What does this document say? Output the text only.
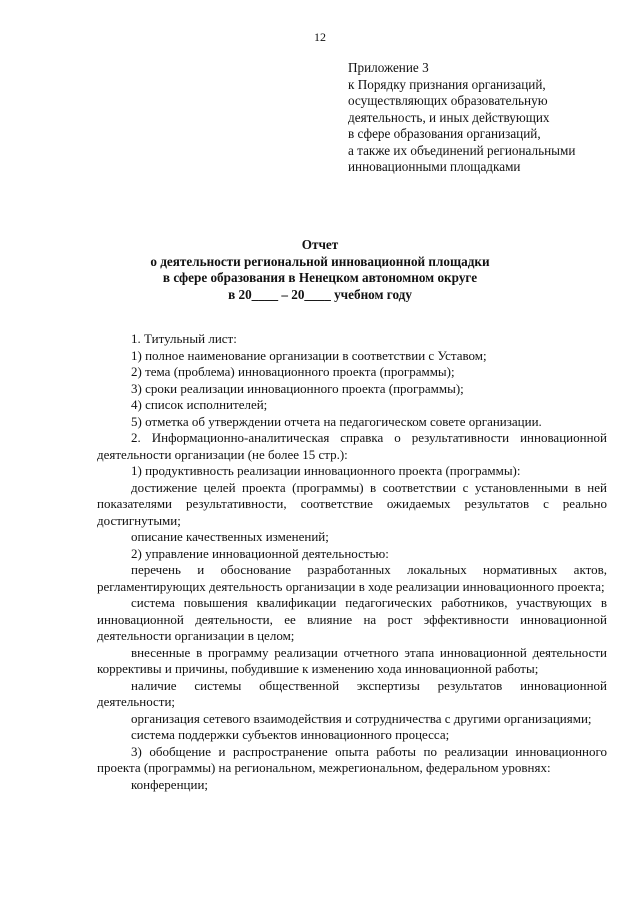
12
Приложение 3
к Порядку признания организаций,
осуществляющих образовательную
деятельность, и иных действующих
в сфере образования организаций,
а также их объединений региональными
инновационными площадками
Отчет
о деятельности региональной инновационной площадки
в сфере образования в Ненецком автономном округе
в 20____ – 20____ учебном году

1. Титульный лист:

1) полное наименование организации в соответствии с Уставом;

2) тема (проблема) инновационного проекта (программы);

3) сроки реализации инновационного проекта (программы);

4) список исполнителей;

5) отметка об утверждении отчета на педагогическом совете организации.

2. Информационно-аналитическая справка о результативности инновационной деятельности организации (не более 15 стр.):

1) продуктивность реализации инновационного проекта (программы):

достижение целей проекта (программы) в соответствии с установленными в ней показателями результативности, соответствие ожидаемых результатов с реально достигнутыми;

описание качественных изменений;

2) управление инновационной деятельностью:

перечень и обоснование разработанных локальных нормативных актов, регламентирующих деятельность организации в ходе реализации инновационного проекта;

система повышения квалификации педагогических работников, участвующих в инновационной деятельности, ее влияние на рост эффективности инновационной деятельности организации в целом;

внесенные в программу реализации отчетного этапа инновационной деятельности коррективы и причины, побудившие к изменению хода инновационной работы;

наличие системы общественной экспертизы результатов инновационной деятельности;

организация сетевого взаимодействия и сотрудничества с другими организациями;

система поддержки субъектов инновационного процесса;

3) обобщение и распространение опыта работы по реализации инновационного проекта (программы) на региональном, межрегиональном, федеральном уровнях:

конференции;
